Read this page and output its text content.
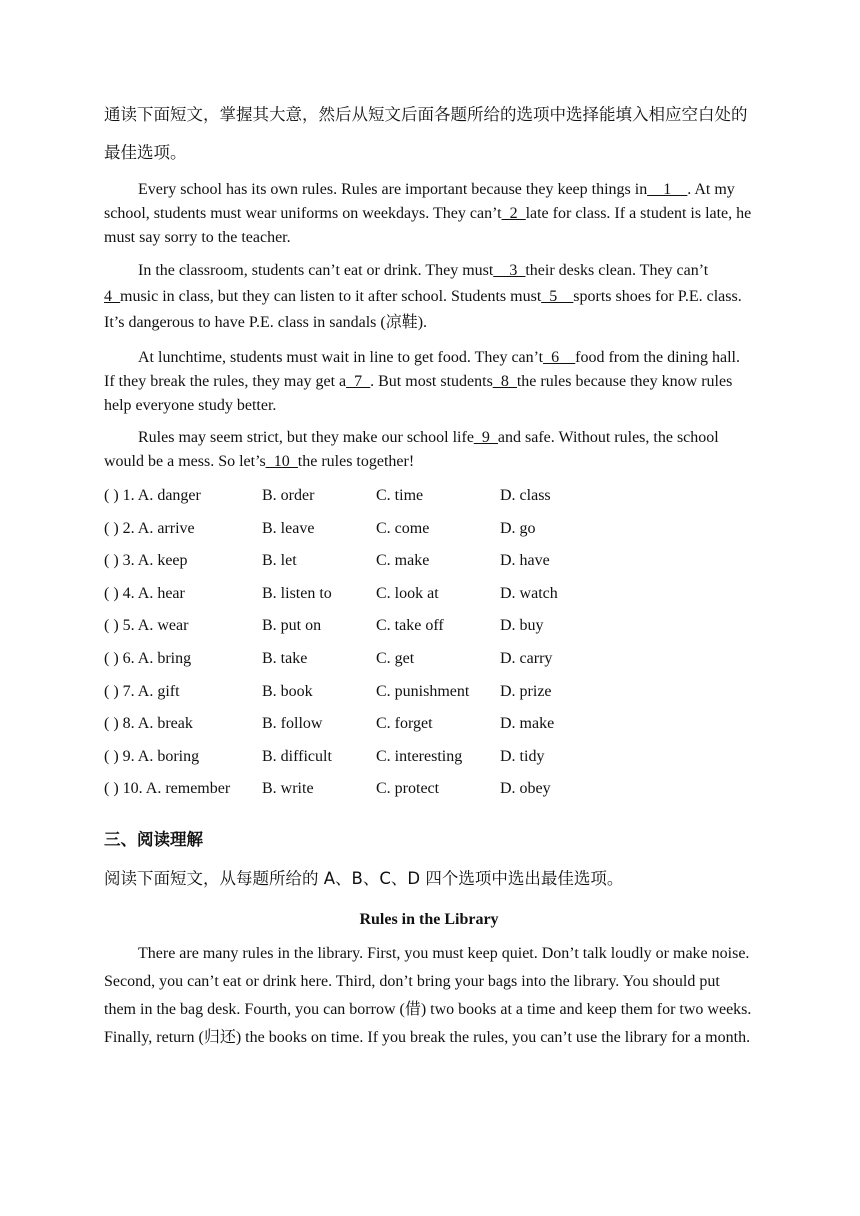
通读下面短文，掌握其大意，然后从短文后面各题所给的选项中选择能填入相应空白处的最佳选项。

Every school has its own rules. Rules are important because they keep things in__1__. At my school, students must wear uniforms on weekdays. They can’t_2_late for class. If a student is late, he must say sorry to the teacher.

In the classroom, students can’t eat or drink. They must__3_their desks clean. They can’t 4_music in class, but they can listen to it after school. Students must_5__sports shoes for P.E. class. It’s dangerous to have P.E. class in sandals (凉鞋).

At lunchtime, students must wait in line to get food. They can’t_6__food from the dining hall. If they break the rules, they may get a_7_. But most students_8_the rules because they know rules help everyone study better.

Rules may seem strict, but they make our school life_9_and safe. Without rules, the school would be a mess. So let’s_10_the rules together!

( ) 1. A. danger	B. order	C. time	D. class
( ) 2. A. arrive	B. leave	C. come	D. go
( ) 3. A. keep	B. let	C. make	D. have
( ) 4. A. hear	B. listen to	C. look at	D. watch
( ) 5. A. wear	B. put on	C. take off	D. buy
( ) 6. A. bring	B. take	C. get	D. carry
( ) 7. A. gift	B. book	C. punishment D. prize
( ) 8. A. break	B. follow	C. forget	D. make
( ) 9. A. boring	B. difficult	C. interesting D. tidy
( ) 10. A. remember B. write	C. protect	D. obey

三、阅读理解

阅读下面短文，从每题所给的 A、B、C、D 四个选项中选出最佳选项。

Rules in the Library

There are many rules in the library. First, you must keep quiet. Don’t talk loudly or make noise. Second, you can’t eat or drink here. Third, don’t bring your bags into the library. You should put them in the bag desk. Fourth, you can borrow (借) two books at a time and keep them for two weeks. Finally, return (归还) the books on time. If you break the rules, you can’t use the library for a month.
